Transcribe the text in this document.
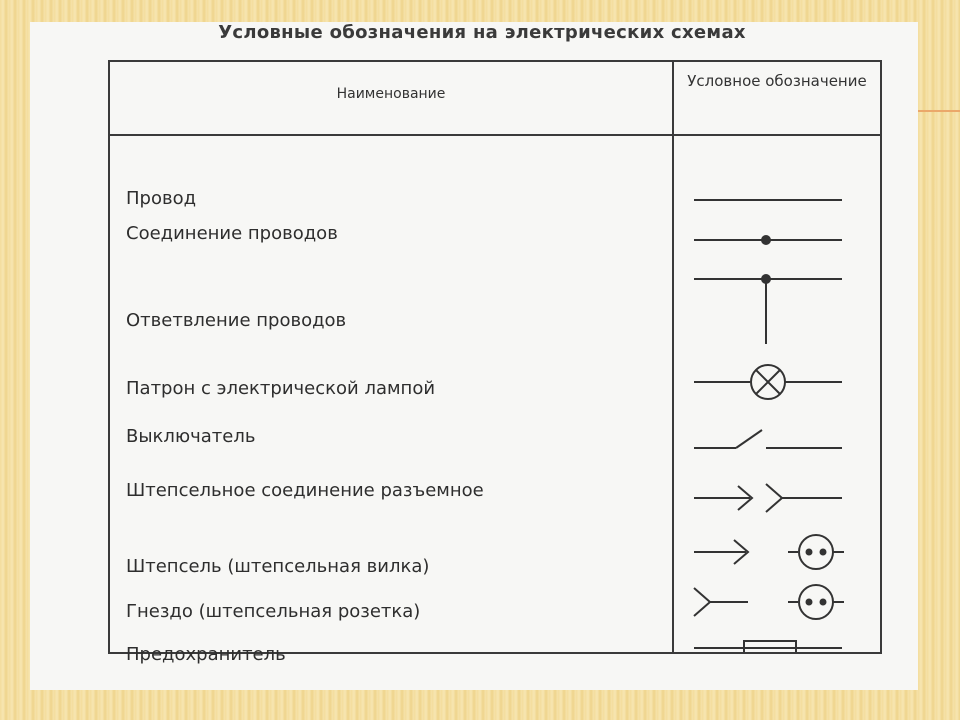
Условные обозначения на электрических схемах
Наименование
Условное обозначение
Провод
Соединение проводов
Ответвление проводов
Патрон с электрической лампой
Выключатель
Штепсельное соединение разъемное
Штепсель (штепсельная вилка)
Гнездо (штепсельная розетка)
Предохранитель
